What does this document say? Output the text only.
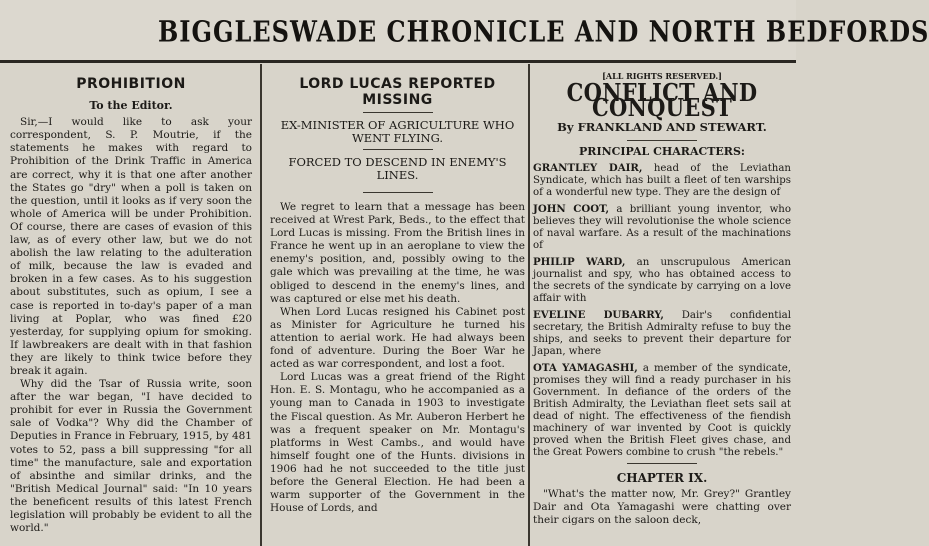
BIGGLESWADE CHRONICLE AND NORTH BEDFORDS
PROHIBITION
To the Editor.

Sir,—I would like to ask your correspondent, S. P. Moutrie, if the statements he makes with regard to Prohibition of the Drink Traffic in America are correct, why it is that one after another the States go "dry" when a poll is taken on the question, until it looks as if very soon the whole of America will be under Prohibition. Of course, there are cases of evasion of this law, as of every other law, but we do not abolish the law relating to the adulteration of milk, because the law is evaded and broken in a few cases. As to his suggestion about substitutes, such as opium, I see a case is reported in to-day's paper of a man living at Poplar, who was fined £20 yesterday, for supplying opium for smoking. If lawbreakers are dealt with in that fashion they are likely to think twice before they break it again.

Why did the Tsar of Russia write, soon after the war began, "I have decided to prohibit for ever in Russia the Government sale of Vodka"? Why did the Chamber of Deputies in France in February, 1915, by 481 votes to 52, pass a bill suppressing "for all time" the manufacture, sale and exportation of absinthe and similar drinks, and the "British Medical Journal" said: "In 10 years the beneficent results of this latest French legislation will probably be evident to all the world."

LORD LUCAS REPORTED MISSING

EX-MINISTER OF AGRICULTURE WHO WENT FLYING.

FORCED TO DESCEND IN ENEMY'S LINES.

We regret to learn that a message has been received at Wrest Park, Beds., to the effect that Lord Lucas is missing. From the British lines in France he went up in an aeroplane to view the enemy's position, and, possibly owing to the gale which was prevailing at the time, he was obliged to descend in the enemy's lines, and was captured or else met his death.

When Lord Lucas resigned his Cabinet post as Minister for Agriculture he turned his attention to aerial work. He had always been fond of adventure. During the Boer War he acted as war correspondent, and lost a foot.

Lord Lucas was a great friend of the Right Hon. E. S. Montagu, who he accompanied as a young man to Canada in 1903 to investigate the Fiscal question. As Mr. Auberon Herbert he was a frequent speaker on Mr. Montagu's platforms in West Cambs., and would have himself fought one of the Hunts. divisions in 1906 had he not succeeded to the title just before the General Election. He had been a warm supporter of the Government in the House of Lords, and

[ALL RIGHTS RESERVED.]
CONFLICT AND CONQUEST
By FRANKLAND AND STEWART.
PRINCIPAL CHARACTERS:

GRANTLEY DAIR, head of the Leviathan Syndicate, which has built a fleet of ten warships of a wonderful new type. They are the design of

JOHN COOT, a brilliant young inventor, who believes they will revolutionise the whole science of naval warfare. As a result of the machinations of

PHILIP WARD, an unscrupulous American journalist and spy, who has obtained access to the secrets of the syndicate by carrying on a love affair with

EVELINE DUBARRY, Dair's confidential secretary, the British Admiralty refuse to buy the ships, and seeks to prevent their departure for Japan, where

OTA YAMAGASHI, a member of the syndicate, promises they will find a ready purchaser in his Government. In defiance of the orders of the British Admiralty, the Leviathan fleet sets sail at dead of night. The effectiveness of the fiendish machinery of war invented by Coot is quickly proved when the British Fleet gives chase, and the Great Powers combine to crush "the rebels."

CHAPTER IX.

"What's the matter now, Mr. Grey?" Grantley Dair and Ota Yamagashi were chatting over their cigars on the saloon deck,
